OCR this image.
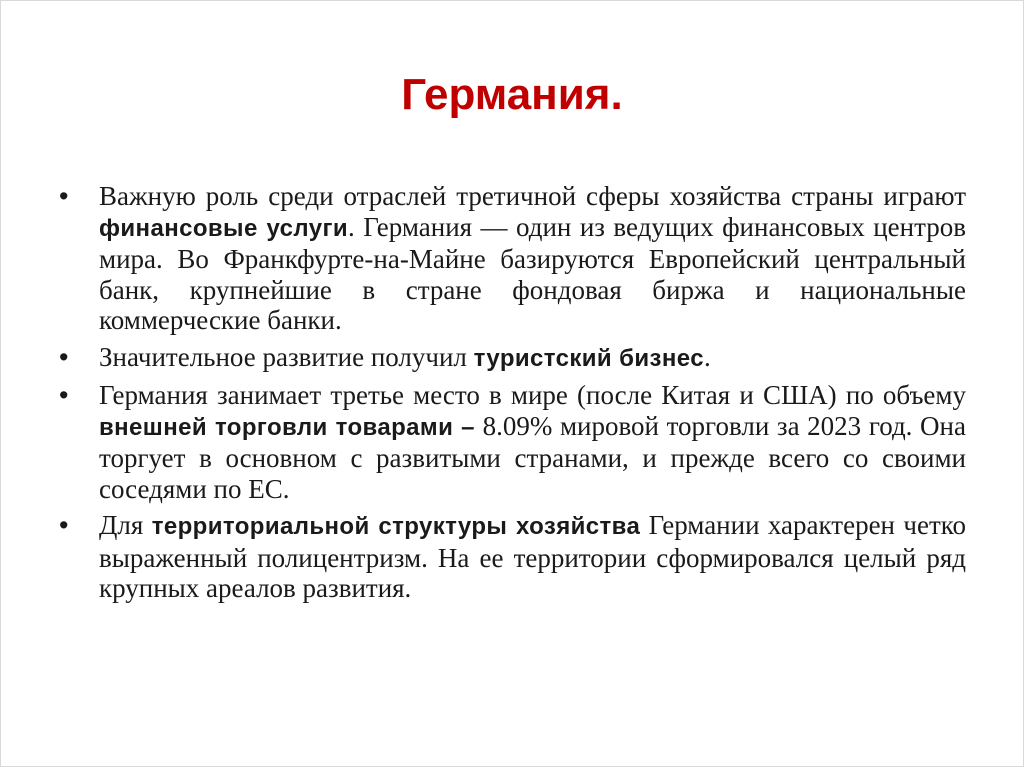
Германия.
•	Важную роль среди отраслей третичной сферы хозяйства страны играют финансовые услуги. Германия — один из ведущих финансовых центров мира. Во Франкфурте-на-Майне базируются Европейский центральный банк, крупнейшие в стране фондовая биржа и национальные коммерческие банки.
•	Значительное развитие получил туристский бизнес.
•	Германия занимает третье место в мире (после Китая и США) по объему внешней торговли товарами – 8.09% мировой торговли за 2023 год. Она торгует в основном с развитыми странами, и прежде всего со своими соседями по ЕС.
•	Для территориальной структуры хозяйства Германии характерен четко выраженный полицентризм. На ее территории сформировался целый ряд крупных ареалов развития.
